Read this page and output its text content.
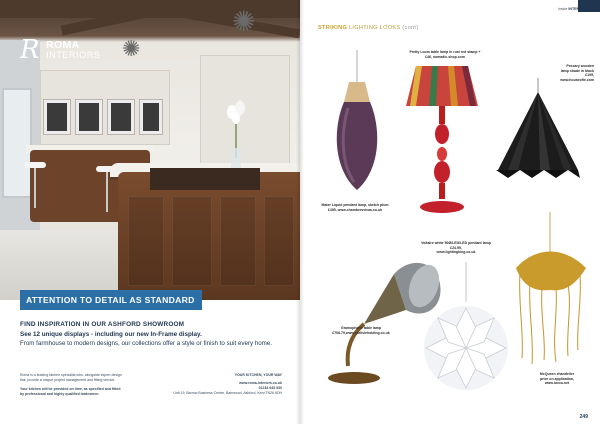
✺
✺
R ROMA
INTERIORS
ATTENTION TO DETAIL AS STANDARD
FIND INSPIRATION IN OUR ASHFORD SHOWROOM
See 12 unique displays - including our new In-Frame display.
From farmhouse to modern designs, our collections offer a style or finish to suit every home.
Roma is a leading kitchen specialist who, alongside expert design
flair, provide a unique project management and fitting service.
Your kitchen will be provided on time, as specified and fitted
by professional and highly qualified tradesmen.
YOUR KITCHEN, YOUR WAY
www.roma-interiors.co.uk
01233 645 530
Unit 19, Barrow Business Centre, Bamwood, Ashford, Kent TN26 6DH
Inside INTERIORS
STRIKING LIGHTING LOOKS (cont)
Pretty Loom table lamp in rust red stamp +
£46, nomadic-shop.com
Peccary wooden
lamp shade in black
£199,
www.houseofle.com
Mater Liquid pendant lamp, sketch plum
£495, www.chambersvivas.co.uk
Voltaire white 50Ø/LED/LED pendant lamp
£24.99,
www.lightingking.co.uk
Gramophone table lamp
£706.79,www.carlisleholding.co.uk
McQueen chandelier
price on application,
www.luxxu.net
249
